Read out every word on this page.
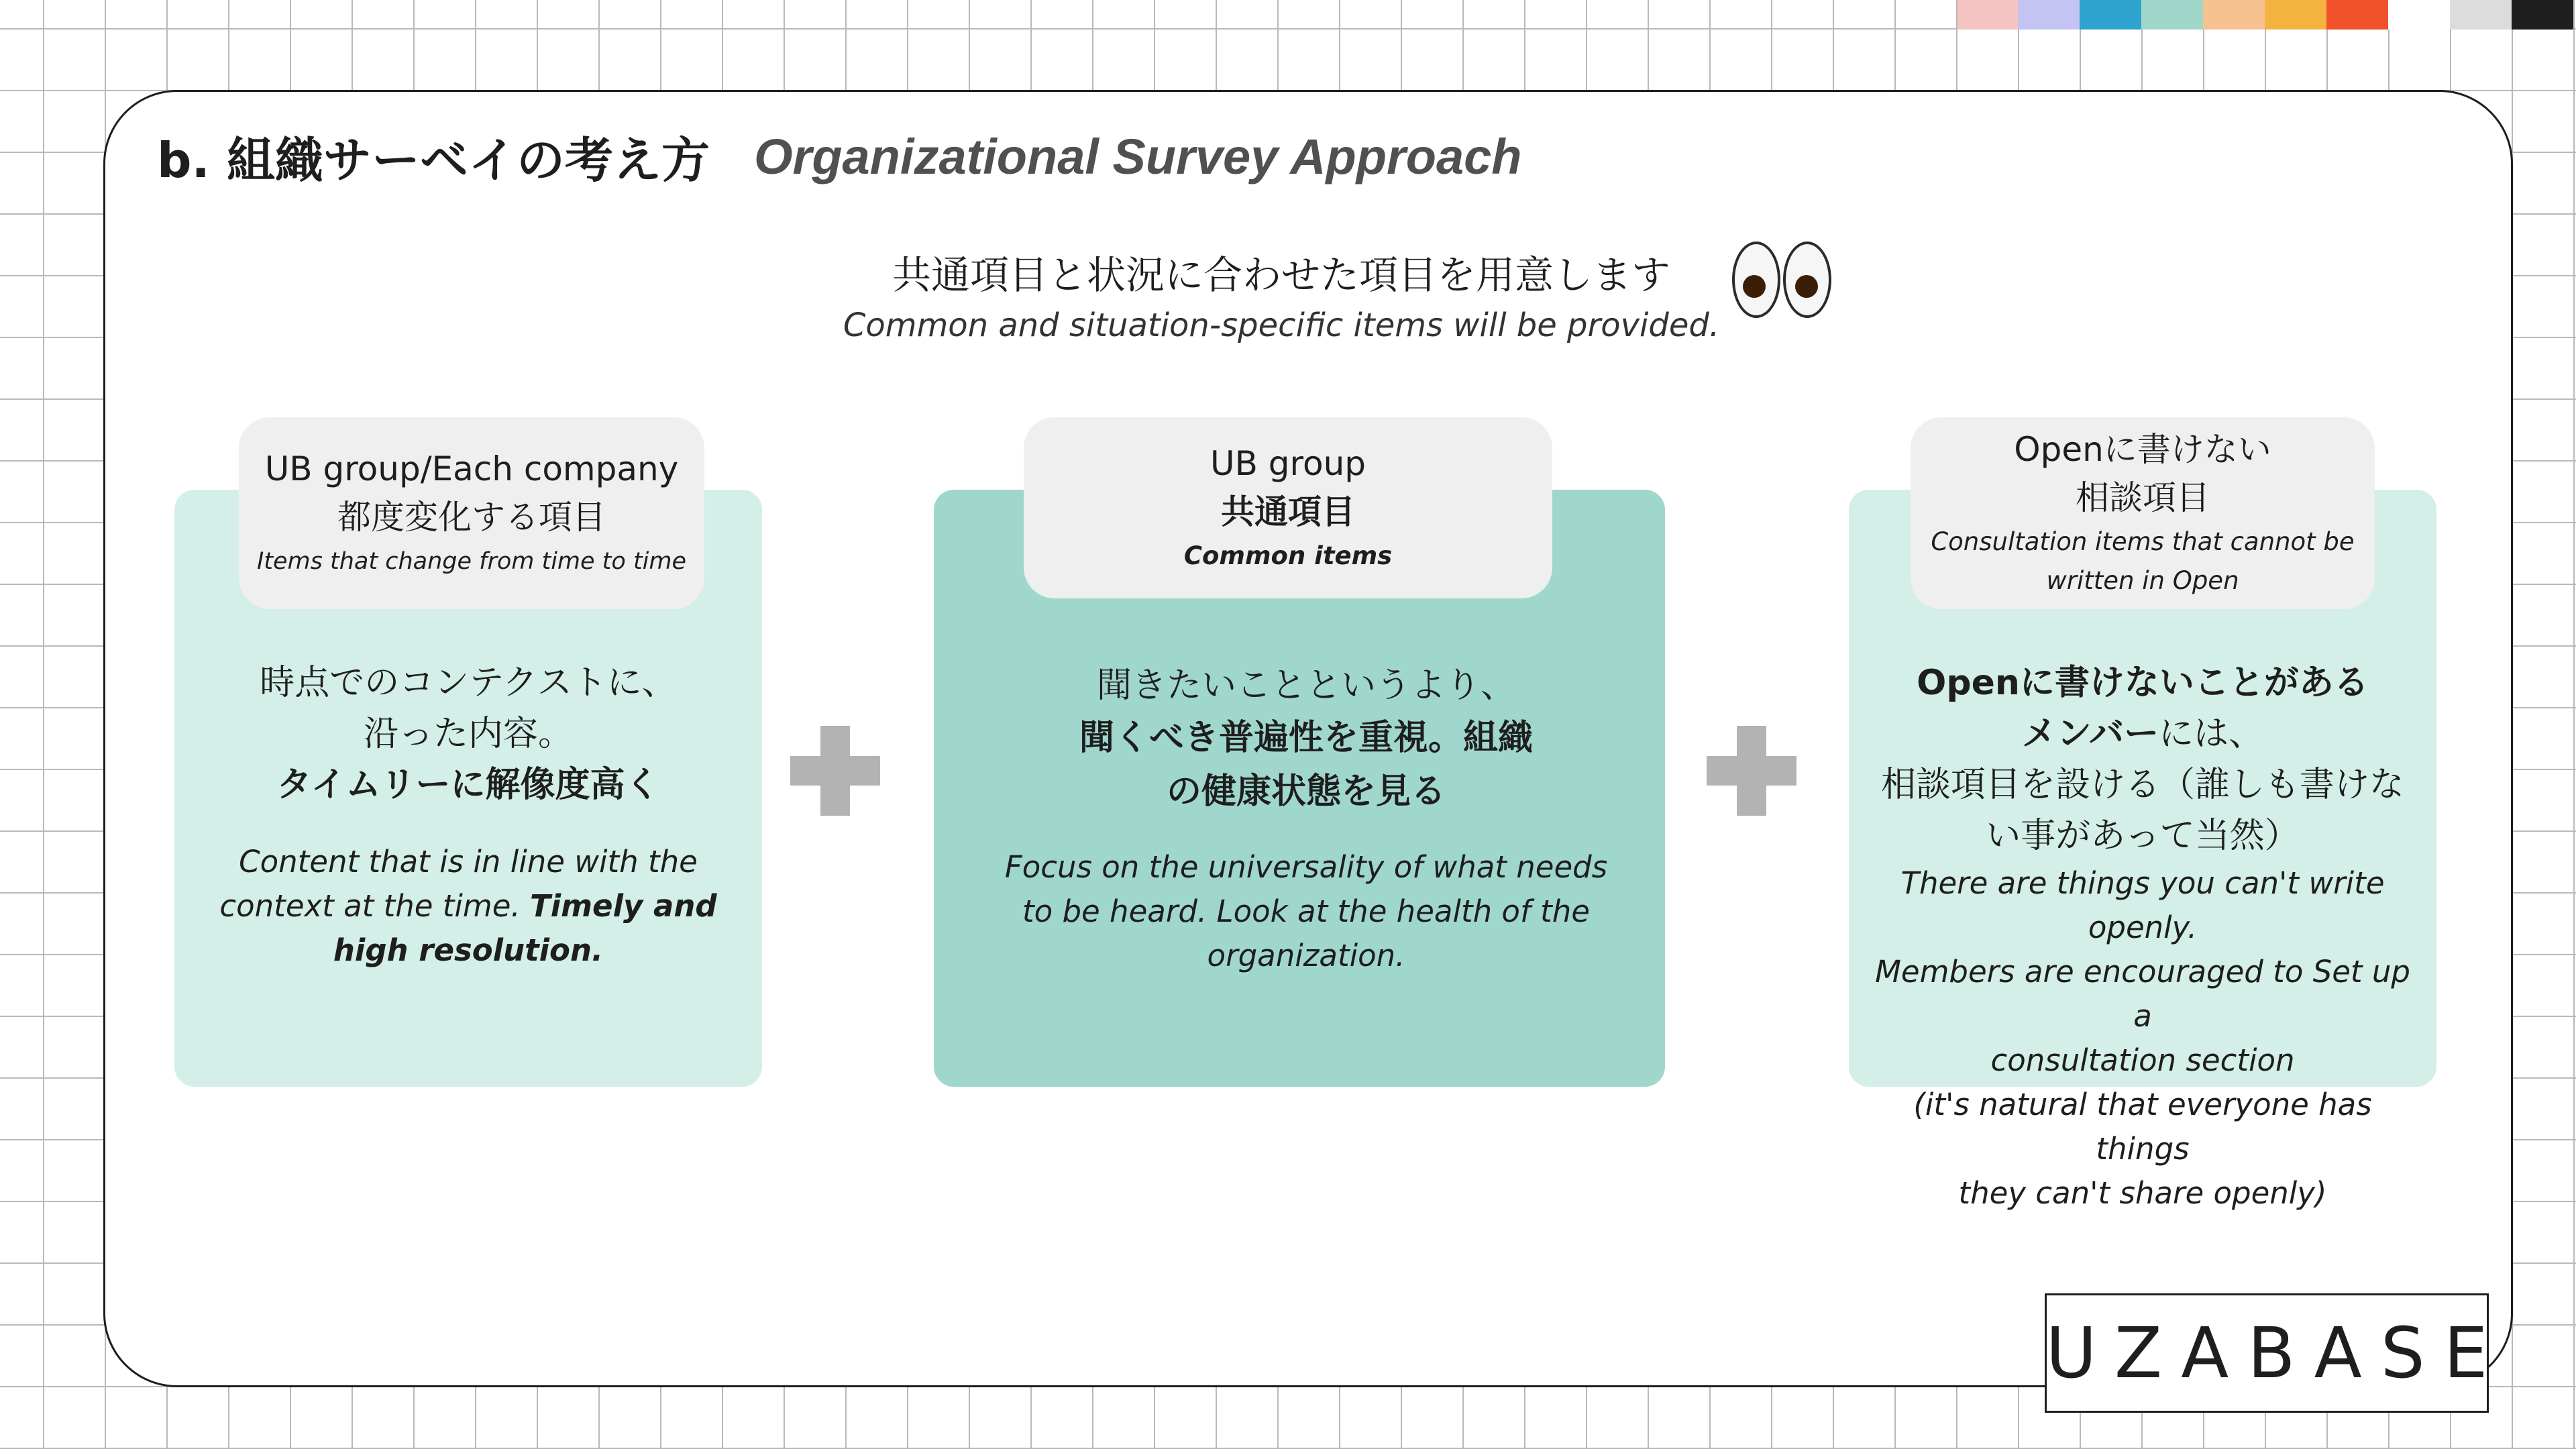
b. 組織サーベイの考え方 Organizational Survey Approach
共通項目と状況に合わせた項目を用意します
Common and situation-specific items will be provided.
UB group/Each company
都度変化する項目
Items that change from time to time
時点でのコンテクストに、
沿った内容。
タイムリーに解像度高く
Content that is in line with the
context at the time. Timely and
high resolution.
UB group
共通項目
Common items
聞きたいことというより、
聞くべき普遍性を重視。組織
の健康状態を見る
Focus on the universality of what needs
to be heard. Look at the health of the
organization.
Openに書けない
相談項目
Consultation items that cannot be
written in Open
Openに書けないことがある
メンバーには、
相談項目を設ける（誰しも書けな
い事があって当然）
There are things you can't write openly.
Members are encouraged to Set up a
consultation section
(it's natural that everyone has things
they can't share openly)
UZABASE
